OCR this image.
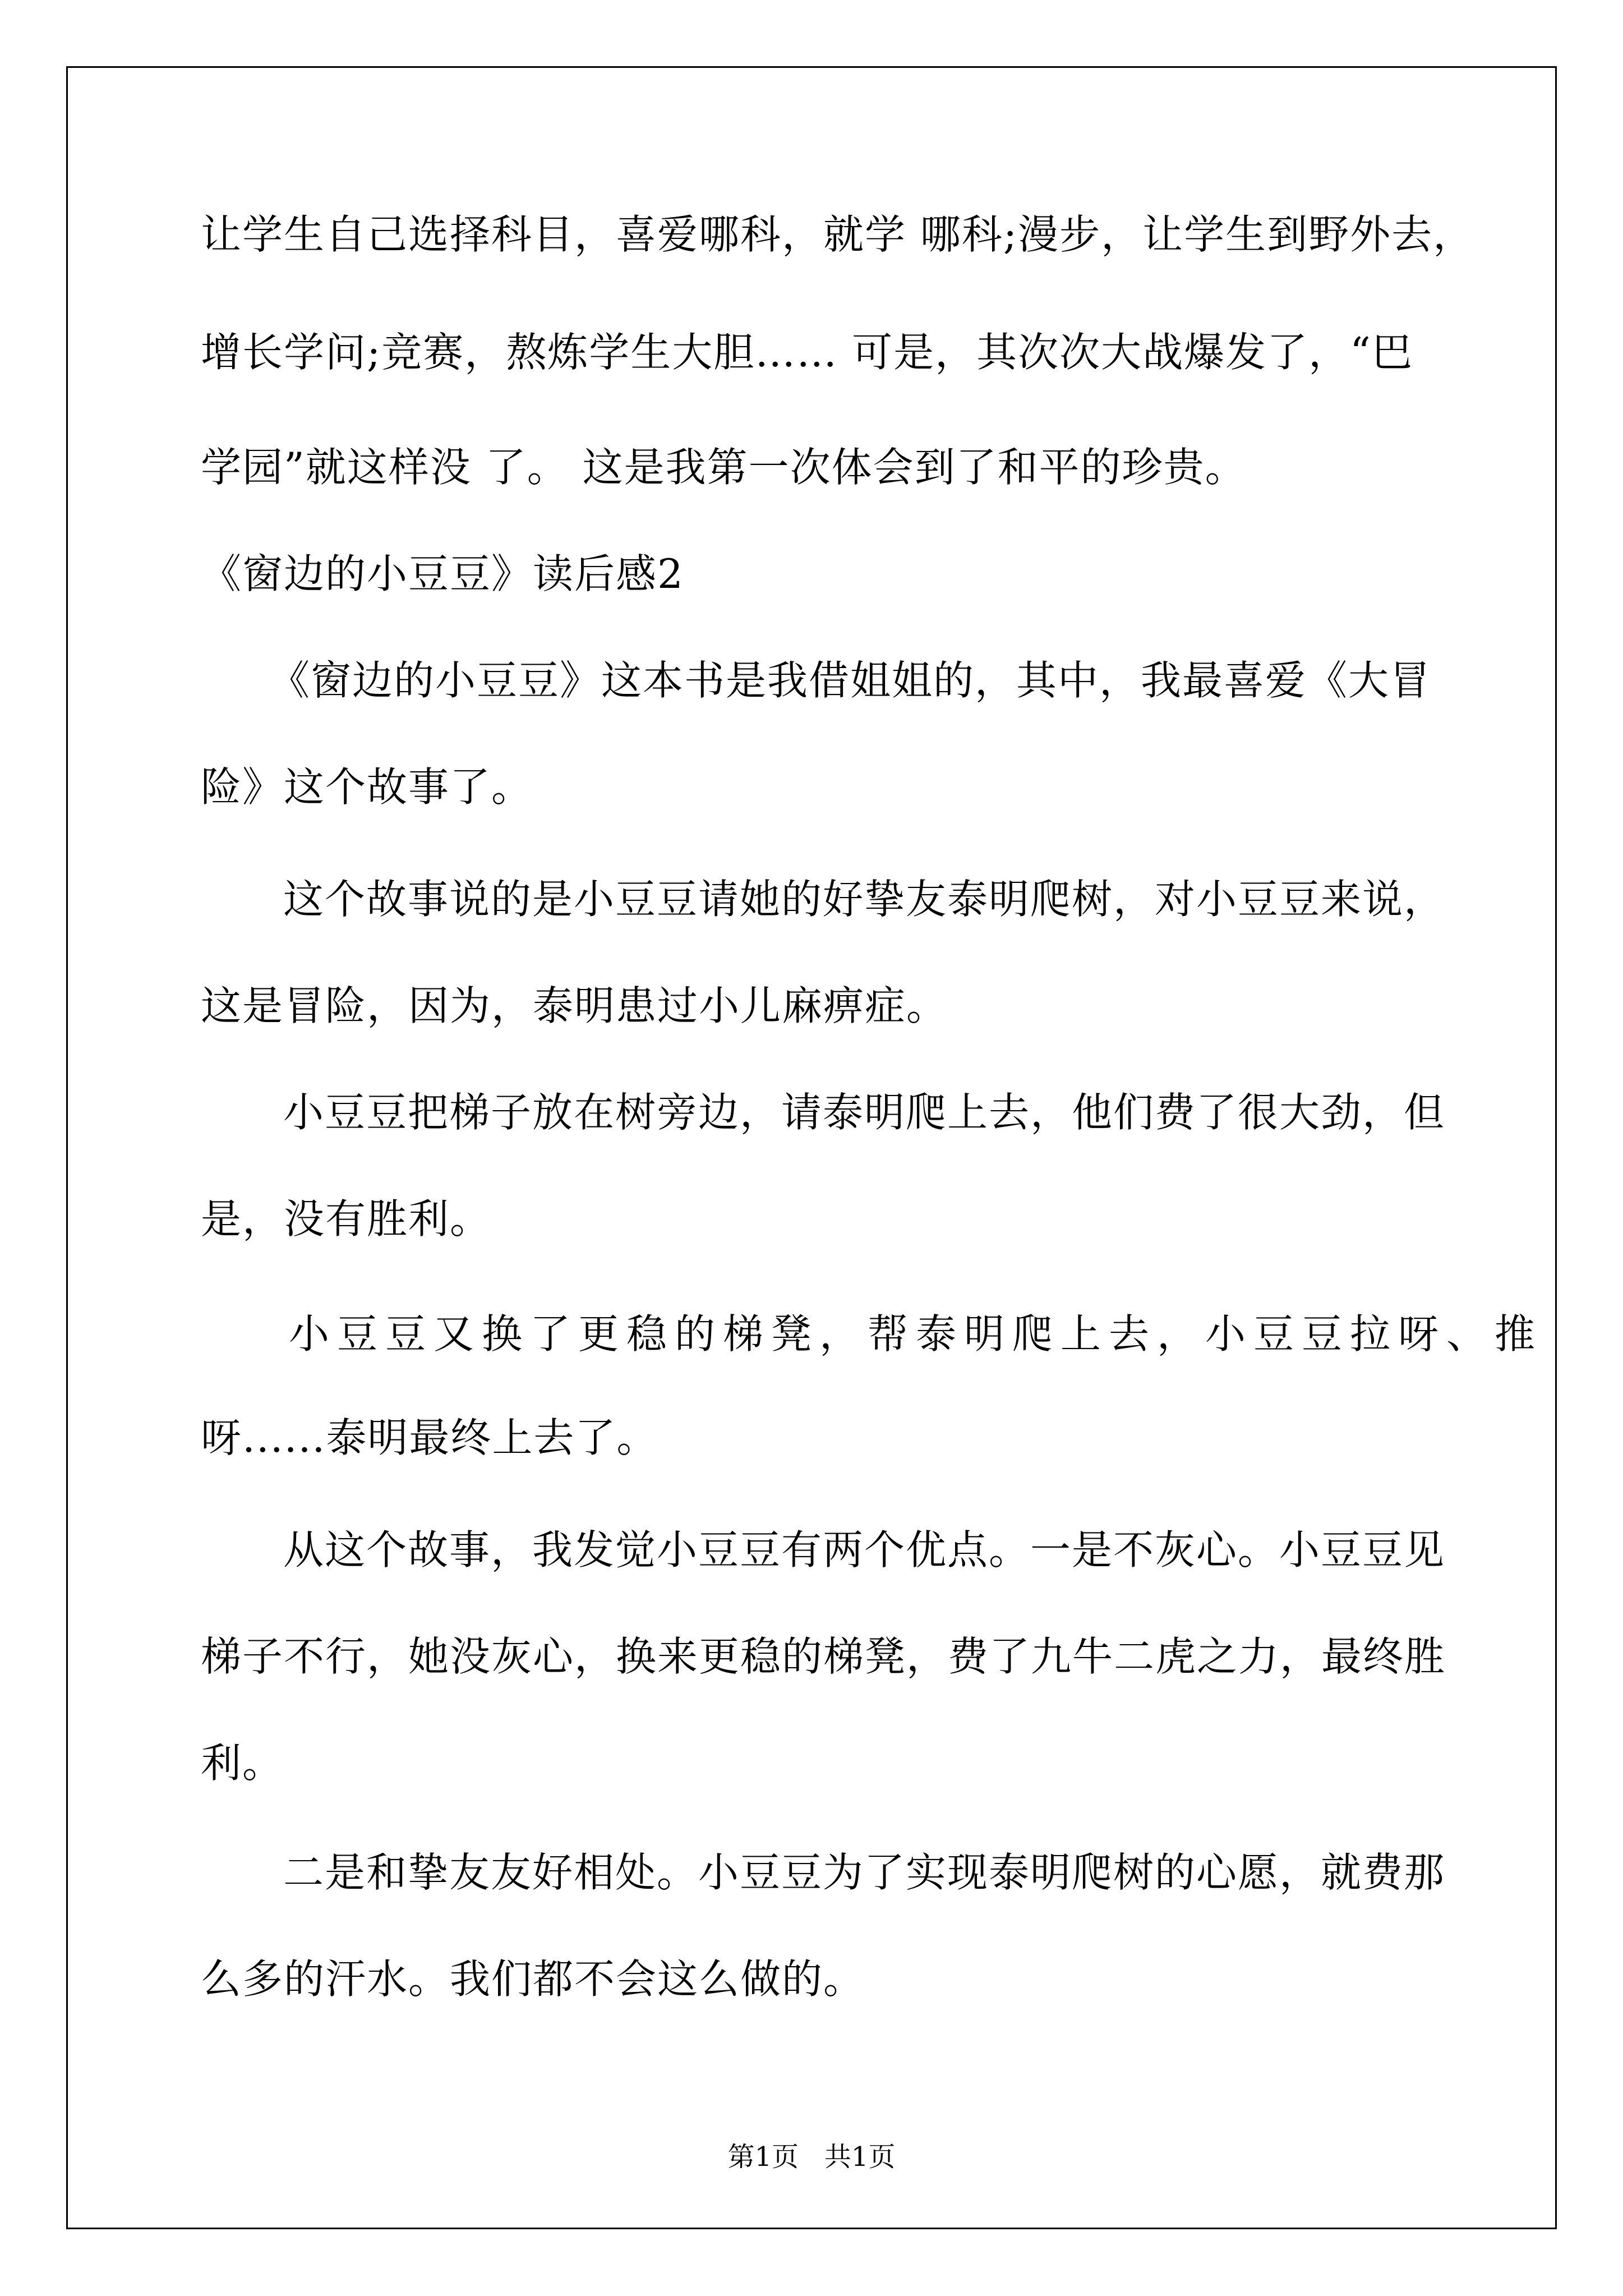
让学生自己选择科目，喜爱哪科，就学 哪科;漫步，让学生到野外去，
增长学问;竞赛，熬炼学生大胆…… 可是，其次次大战爆发了，“巴
学园”就这样没 了。 这是我第一次体会到了和平的珍贵。
《窗边的小豆豆》读后感2
《窗边的小豆豆》这本书是我借姐姐的，其中，我最喜爱《大冒
险》这个故事了。
这个故事说的是小豆豆请她的好挚友泰明爬树，对小豆豆来说，
这是冒险，因为，泰明患过小儿麻痹症。
小豆豆把梯子放在树旁边，请泰明爬上去，他们费了很大劲，但
是，没有胜利。
小豆豆又换了更稳的梯凳，帮泰明爬上去，小豆豆拉呀、推
呀......泰明最终上去了。
从这个故事，我发觉小豆豆有两个优点。一是不灰心。小豆豆见
梯子不行，她没灰心，换来更稳的梯凳，费了九牛二虎之力，最终胜
利。
二是和挚友友好相处。小豆豆为了实现泰明爬树的心愿，就费那
么多的汗水。我们都不会这么做的。
第1页   共1页
